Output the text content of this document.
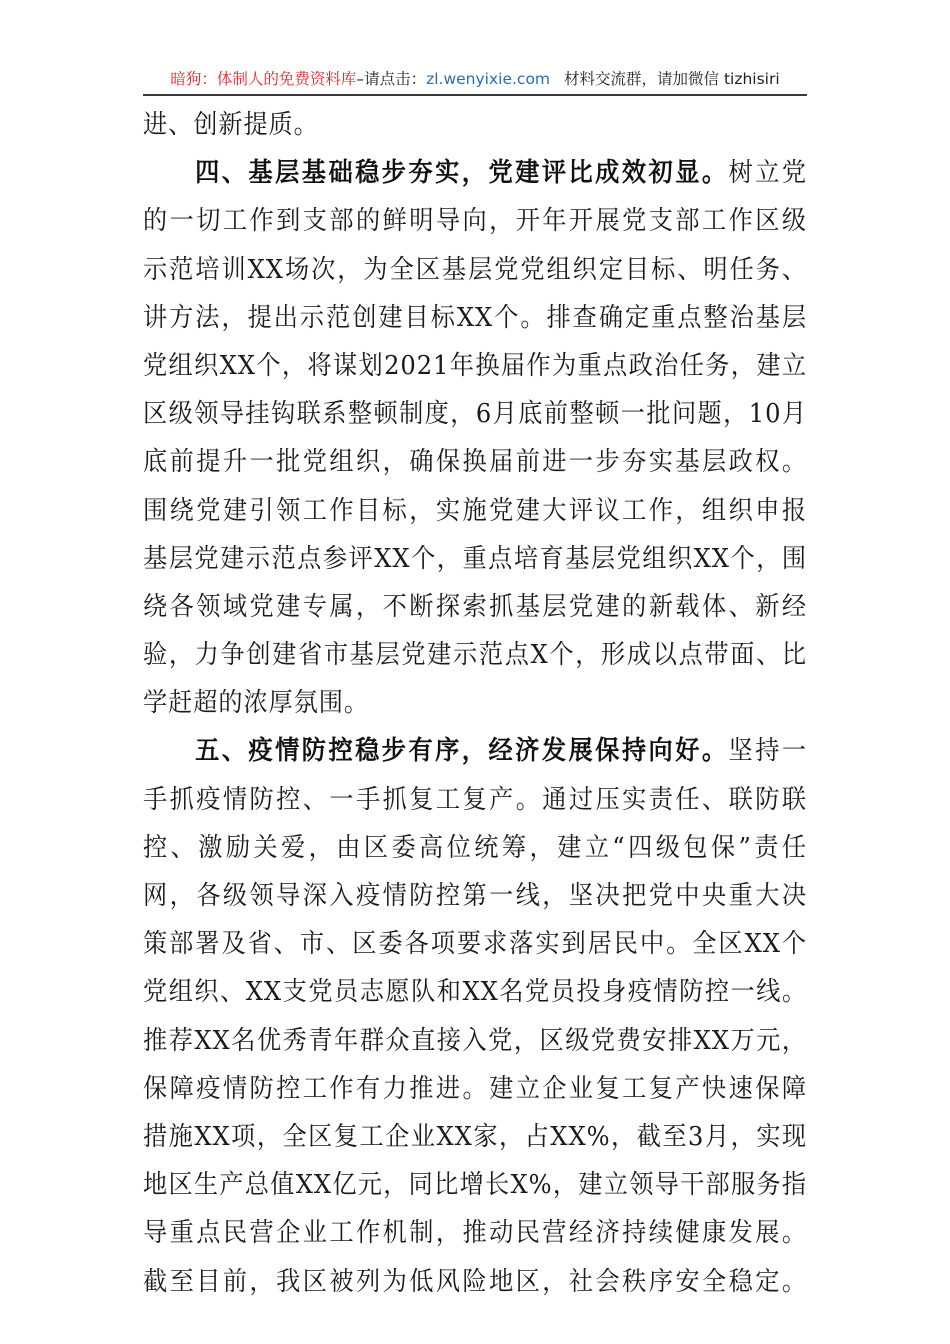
暗狗：体制人的免费资料库–请点击：zl.wenyixie.com 材料交流群，请加微信 tizhisiri
进、创新提质。
四、基层基础稳步夯实，党建评比成效初显。树立党
的一切工作到支部的鲜明导向，开年开展党支部工作区级
示范培训XX场次，为全区基层党党组织定目标、明任务、
讲方法，提出示范创建目标XX个。排查确定重点整治基层
党组织XX个，将谋划2021年换届作为重点政治任务，建立
区级领导挂钩联系整顿制度，6月底前整顿一批问题，10月
底前提升一批党组织，确保换届前进一步夯实基层政权。
围绕党建引领工作目标，实施党建大评议工作，组织申报
基层党建示范点参评XX个，重点培育基层党组织XX个，围
绕各领域党建专属，不断探索抓基层党建的新载体、新经
验，力争创建省市基层党建示范点X个，形成以点带面、比
学赶超的浓厚氛围。
五、疫情防控稳步有序，经济发展保持向好。坚持一
手抓疫情防控、一手抓复工复产。通过压实责任、联防联
控、激励关爱，由区委高位统筹，建立“四级包保”责任
网，各级领导深入疫情防控第一线，坚决把党中央重大决
策部署及省、市、区委各项要求落实到居民中。全区XX个
党组织、XX支党员志愿队和XX名党员投身疫情防控一线。
推荐XX名优秀青年群众直接入党，区级党费安排XX万元，
保障疫情防控工作有力推进。建立企业复工复产快速保障
措施XX项，全区复工企业XX家，占XX%，截至3月，实现
地区生产总值XX亿元，同比增长X%，建立领导干部服务指
导重点民营企业工作机制，推动民营经济持续健康发展。
截至目前，我区被列为低风险地区，社会秩序安全稳定。
